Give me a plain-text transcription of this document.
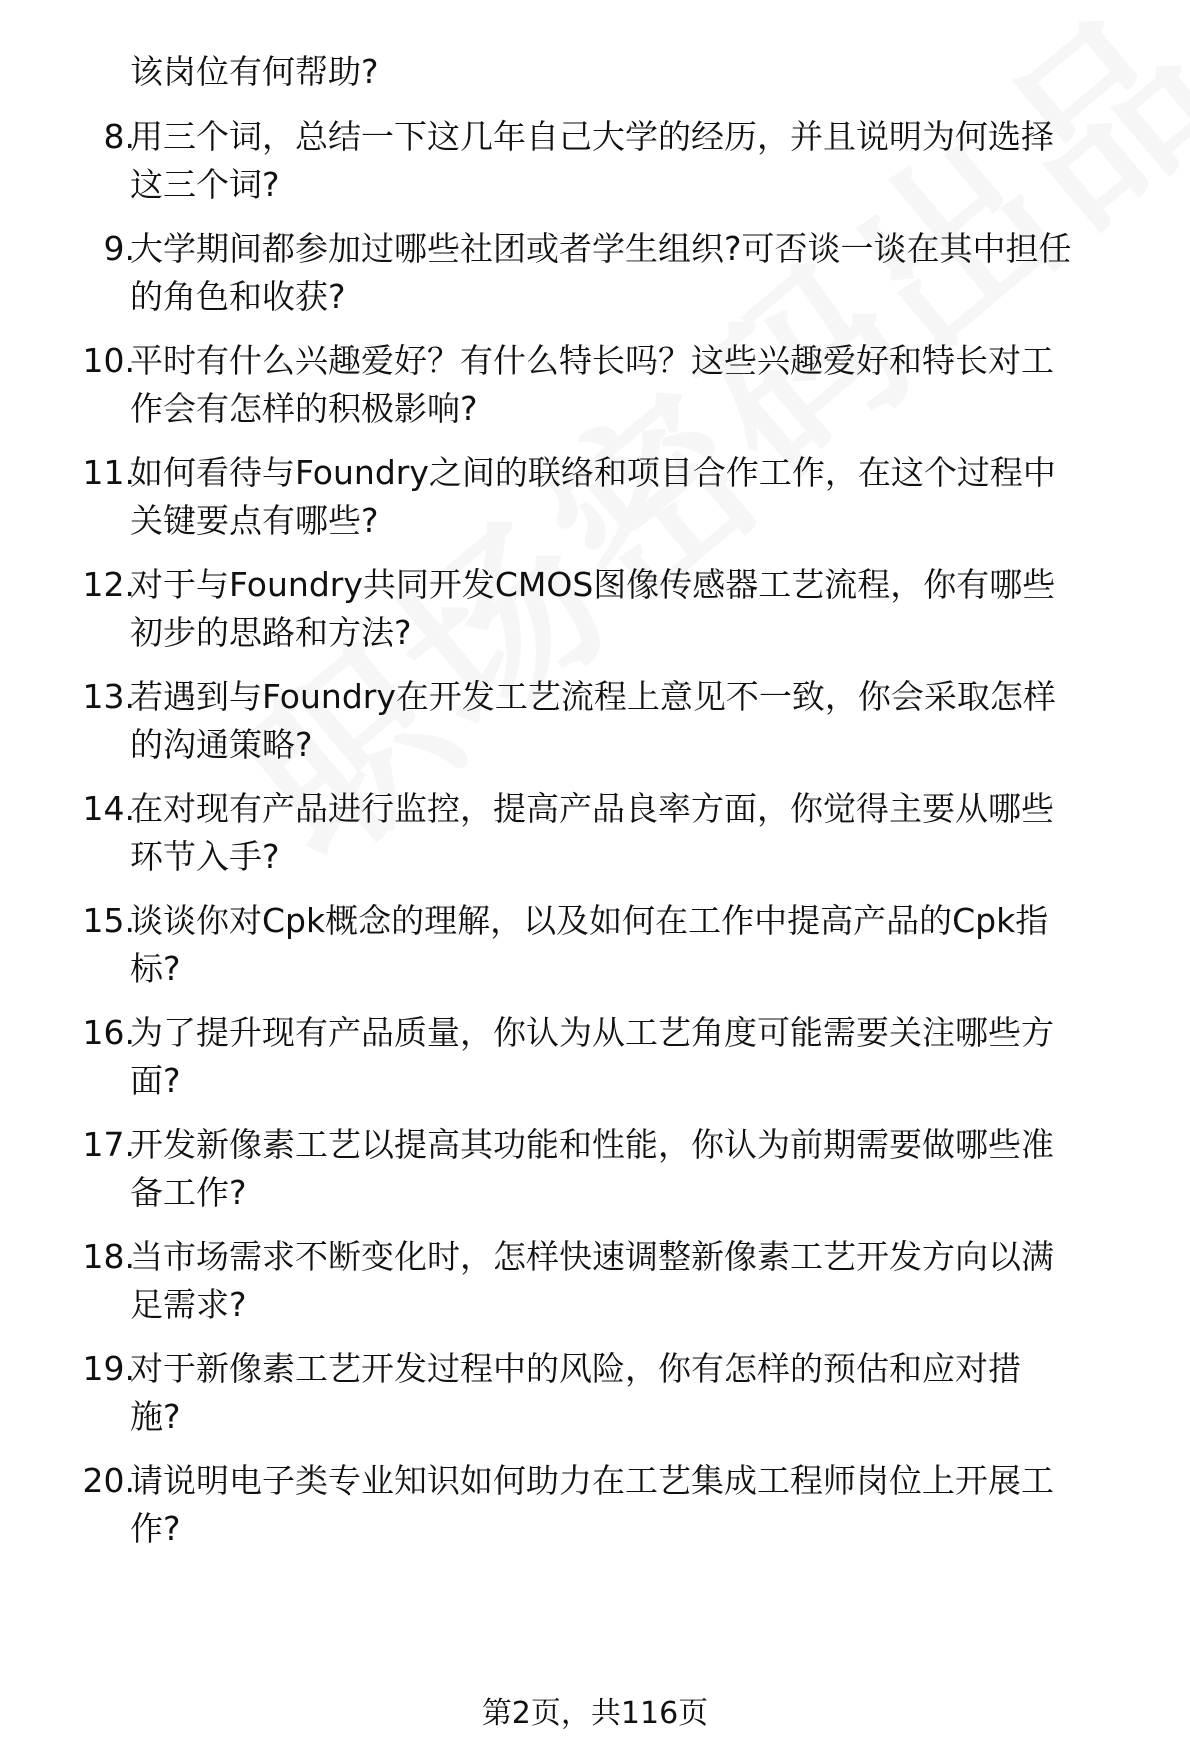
该岗位有何帮助?
8.
用三个词，总结一下这几年自己大学的经历，并且说明为何选择
这三个词?
9.
大学期间都参加过哪些社团或者学生组织?可否谈一谈在其中担任
的角色和收获?
10.
平时有什么兴趣爱好？有什么特长吗？这些兴趣爱好和特长对工
作会有怎样的积极影响?
11.
如何看待与Foundry之间的联络和项目合作工作，在这个过程中
关键要点有哪些?
12.
对于与Foundry共同开发CMOS图像传感器工艺流程，你有哪些
初步的思路和方法?
13.
若遇到与Foundry在开发工艺流程上意见不一致，你会采取怎样
的沟通策略?
14.
在对现有产品进行监控，提高产品良率方面，你觉得主要从哪些
环节入手?
15.
谈谈你对Cpk概念的理解，以及如何在工作中提高产品的Cpk指
标?
16.
为了提升现有产品质量，你认为从工艺角度可能需要关注哪些方
面?
17.
开发新像素工艺以提高其功能和性能，你认为前期需要做哪些准
备工作?
18.
当市场需求不断变化时，怎样快速调整新像素工艺开发方向以满
足需求?
19.
对于新像素工艺开发过程中的风险，你有怎样的预估和应对措
施?
20.
请说明电子类专业知识如何助力在工艺集成工程师岗位上开展工
作?
第2页，共116页
